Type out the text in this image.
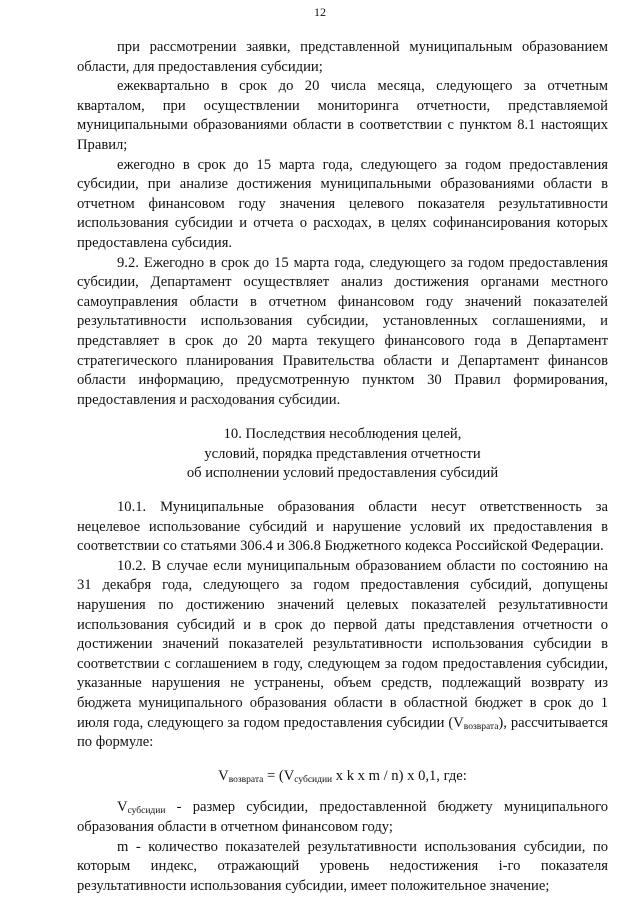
12

при рассмотрении заявки, представленной муниципальным образованием области, для предоставления субсидии;

ежеквартально в срок до 20 числа месяца, следующего за отчетным кварталом, при осуществлении мониторинга отчетности, представляемой муниципальными образованиями области в соответствии с пунктом 8.1 настоящих Правил;

ежегодно в срок до 15 марта года, следующего за годом предоставления субсидии, при анализе достижения муниципальными образованиями области в отчетном финансовом году значения целевого показателя результативности использования субсидии и отчета о расходах, в целях софинансирования которых предоставлена субсидия.

9.2. Ежегодно в срок до 15 марта года, следующего за годом предоставления субсидии, Департамент осуществляет анализ достижения органами местного самоуправления области в отчетном финансовом году значений показателей результативности использования субсидии, установленных соглашениями, и представляет в срок до 20 марта текущего финансового года в Департамент стратегического планирования Правительства области и Департамент финансов области информацию, предусмотренную пунктом 30 Правил формирования, предоставления и расходования субсидии.

10. Последствия несоблюдения целей,
условий, порядка представления отчетности
об исполнении условий предоставления субсидий

10.1. Муниципальные образования области несут ответственность за нецелевое использование субсидий и нарушение условий их предоставления в соответствии со статьями 306.4 и 306.8 Бюджетного кодекса Российской Федерации.

10.2. В случае если муниципальным образованием области по состоянию на 31 декабря года, следующего за годом предоставления субсидий, допущены нарушения по достижению значений целевых показателей результативности использования субсидий и в срок до первой даты представления отчетности о достижении значений показателей результативности использования субсидии в соответствии с соглашением в году, следующем за годом предоставления субсидии, указанные нарушения не устранены, объем средств, подлежащий возврату из бюджета муниципального образования области в областной бюджет в срок до 1 июля года, следующего за годом предоставления субсидии $(V_{возврата})$, рассчитывается по формуле:

$V_{возврата} = (V_{субсидии}$ x k x m / n) x 0,1, где:

$V_{субсидии}$ - размер субсидии, предоставленной бюджету муниципального образования области в отчетном финансовом году;

m - количество показателей результативности использования субсидии, по которым индекс, отражающий уровень недостижения i-го показателя результативности использования субсидии, имеет положительное значение;
